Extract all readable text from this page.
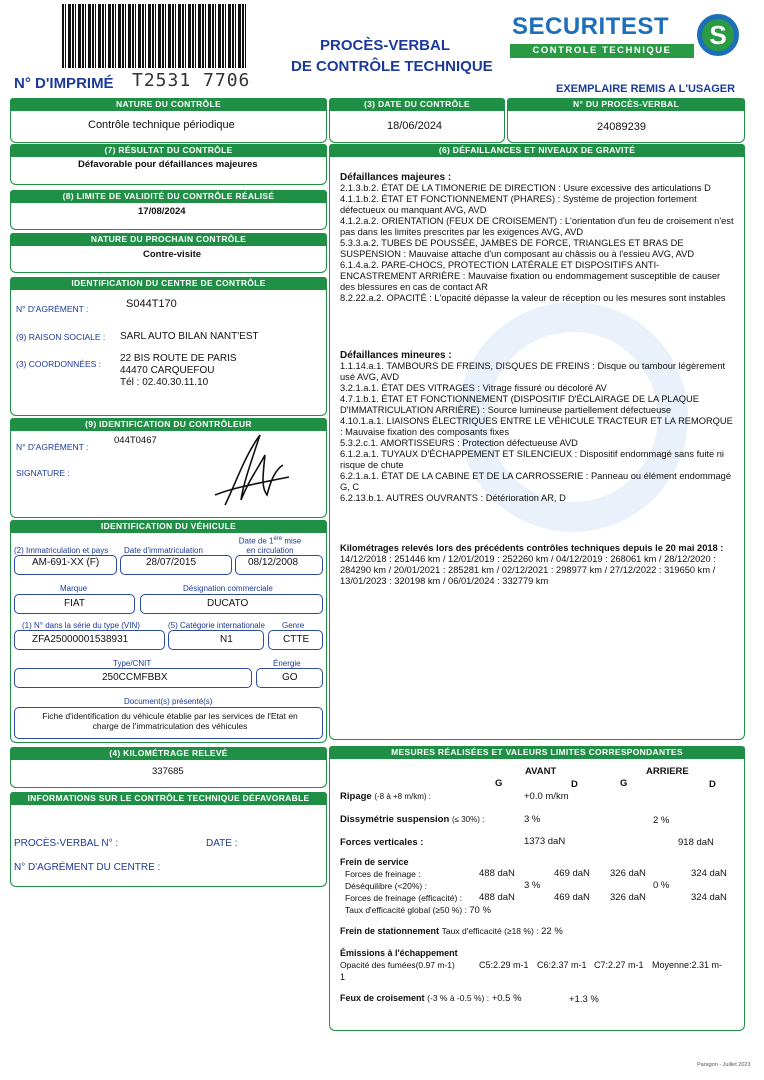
N° D'IMPRIMÉ T2531 7706
PROCÈS-VERBAL
DE CONTRÔLE TECHNIQUE
SECURITEST
CONTROLE TECHNIQUE
S
EXEMPLAIRE REMIS A L'USAGER
NATURE DU CONTRÔLE
Contrôle technique périodique
(3) DATE DU CONTRÔLE
18/06/2024
N° DU PROCÈS-VERBAL
24089239
(7) RÉSULTAT DU CONTRÔLE
Défavorable pour défaillances majeures
(8) LIMITE DE VALIDITÉ DU CONTRÔLE RÉALISÉ
17/08/2024
NATURE DU PROCHAIN CONTRÔLE
Contre-visite
IDENTIFICATION DU CENTRE DE CONTRÔLE
N° D'AGRÉMENT :	S044T170
(9) RAISON SOCIALE : SARL AUTO BILAN NANT'EST
(3) COORDONNÉES : 22 BIS ROUTE DE PARIS
44470 CARQUEFOU
Tél : 02.40.30.11.10
(9) IDENTIFICATION DU CONTRÔLEUR
N° D'AGRÉMENT :
044T0467
SIGNATURE :
IDENTIFICATION DU VÉHICULE
(2) Immatriculation et pays Date d'immatriculation
Date de 1ère mise
en circulation
AM-691-XX (F)	28/07/2015	08/12/2008
Marque	Désignation commerciale
FIAT	DUCATO
(1) N° dans la série du type (VIN)	(5) Catégorie internationale Genre
ZFA25000001538931	N1	CTTE
Type/CNIT	Énergie
250CCMFBBX	GO
Document(s) présenté(s)
Fiche d'identification du véhicule établie par les services de l'Etat en charge de l'immatriculation des véhicules
(4) KILOMÉTRAGE RELEVÉ
337685
INFORMATIONS SUR LE CONTRÔLE TECHNIQUE DÉFAVORABLE
PROCÈS-VERBAL N° :	DATE :
N° D'AGRÉMENT DU CENTRE :
(6) DÉFAILLANCES ET NIVEAUX DE GRAVITÉ

Défaillances majeures :

2.1.3.b.2. ÉTAT DE LA TIMONERIE DE DIRECTION : Usure excessive des articulations D

4.1.1.b.2. ÉTAT ET FONCTIONNEMENT (PHARES) : Système de projection fortement défectueux ou manquant AVG, AVD

4.1.2.a.2. ORIENTATION (FEUX DE CROISEMENT) : L'orientation d'un feu de croisement n'est pas dans les limites prescrites par les exigences AVG, AVD

5.3.3.a.2. TUBES DE POUSSÉE, JAMBES DE FORCE, TRIANGLES ET BRAS DE SUSPENSION : Mauvaise attache d'un composant au châssis ou à l'essieu AVG, AVD

6.1.4.a.2. PARE-CHOCS, PROTECTION LATÉRALE ET DISPOSITIFS ANTI-ENCASTREMENT ARRIÈRE : Mauvaise fixation ou endommagement susceptible de causer des blessures en cas de contact AR

8.2.22.a.2. OPACITÉ : L'opacité dépasse la valeur de réception ou les mesures sont instables

Défaillances mineures :

1.1.14.a.1. TAMBOURS DE FREINS, DISQUES DE FREINS : Disque ou tambour légèrement usé AVG, AVD

3.2.1.a.1. ÉTAT DES VITRAGES : Vitrage fissuré ou décoloré AV

4.7.1.b.1. ÉTAT ET FONCTIONNEMENT (DISPOSITIF D'ÉCLAIRAGE DE LA PLAQUE D'IMMATRICULATION ARRIÈRE) : Source lumineuse partiellement défectueuse

4.10.1.a.1. LIAISONS ÉLECTRIQUES ENTRE LE VÉHICULE TRACTEUR ET LA REMORQUE : Mauvaise fixation des composants fixes

5.3.2.c.1. AMORTISSEURS : Protection défectueuse AVD

6.1.2.a.1. TUYAUX D'ÉCHAPPEMENT ET SILENCIEUX : Dispositif endommagé sans fuite ni risque de chute

6.2.1.a.1. ÉTAT DE LA CABINE ET DE LA CARROSSERIE : Panneau ou élément endommagé G, C

6.2.13.b.1. AUTRES OUVRANTS : Détérioration AR, D

Kilométrages relevés lors des précédents contrôles techniques depuis le 20 mai 2018 : 14/12/2018 : 251446 km / 12/01/2019 : 252260 km / 04/12/2019 : 268061 km / 28/12/2020 : 284290 km / 20/01/2021 : 285281 km / 02/12/2021 : 298977 km / 27/12/2022 : 319650 km / 13/01/2023 : 320198 km / 06/01/2024 : 332779 km
MESURES RÉALISÉES ET VALEURS LIMITES CORRESPONDANTES
AVANT	ARRIERE
G	D	G	D
Ripage (-8 à +8 m/km) :	+0.0 m/km
Dissymétrie suspension (≤ 30%) :	3 %	2 %
Forces verticales :	1373 daN	918 daN
Frein de service
Forces de freinage :	488 daN	469 daN 326 daN	324 daN
Déséquilibre (<20%) :	3 %	0 %
Forces de freinage (efficacité) : 488 daN	469 daN 326 daN	324 daN
Taux d'efficacité global (≥50 %) : 70 %
Frein de stationnement Taux d'efficacité (≥18 %) : 22 %
Émissions à l'échappement
Opacité des fumées(0.97 m-1)	C5:2.29 m-1 C6:2.37 m-1 C7:2.27 m-1 Moyenne:2.31 m-
1
Feux de croisement (-3 % à -0.5 %) : +0.5 %	+1.3 %
Paragon - Juillet 2023
